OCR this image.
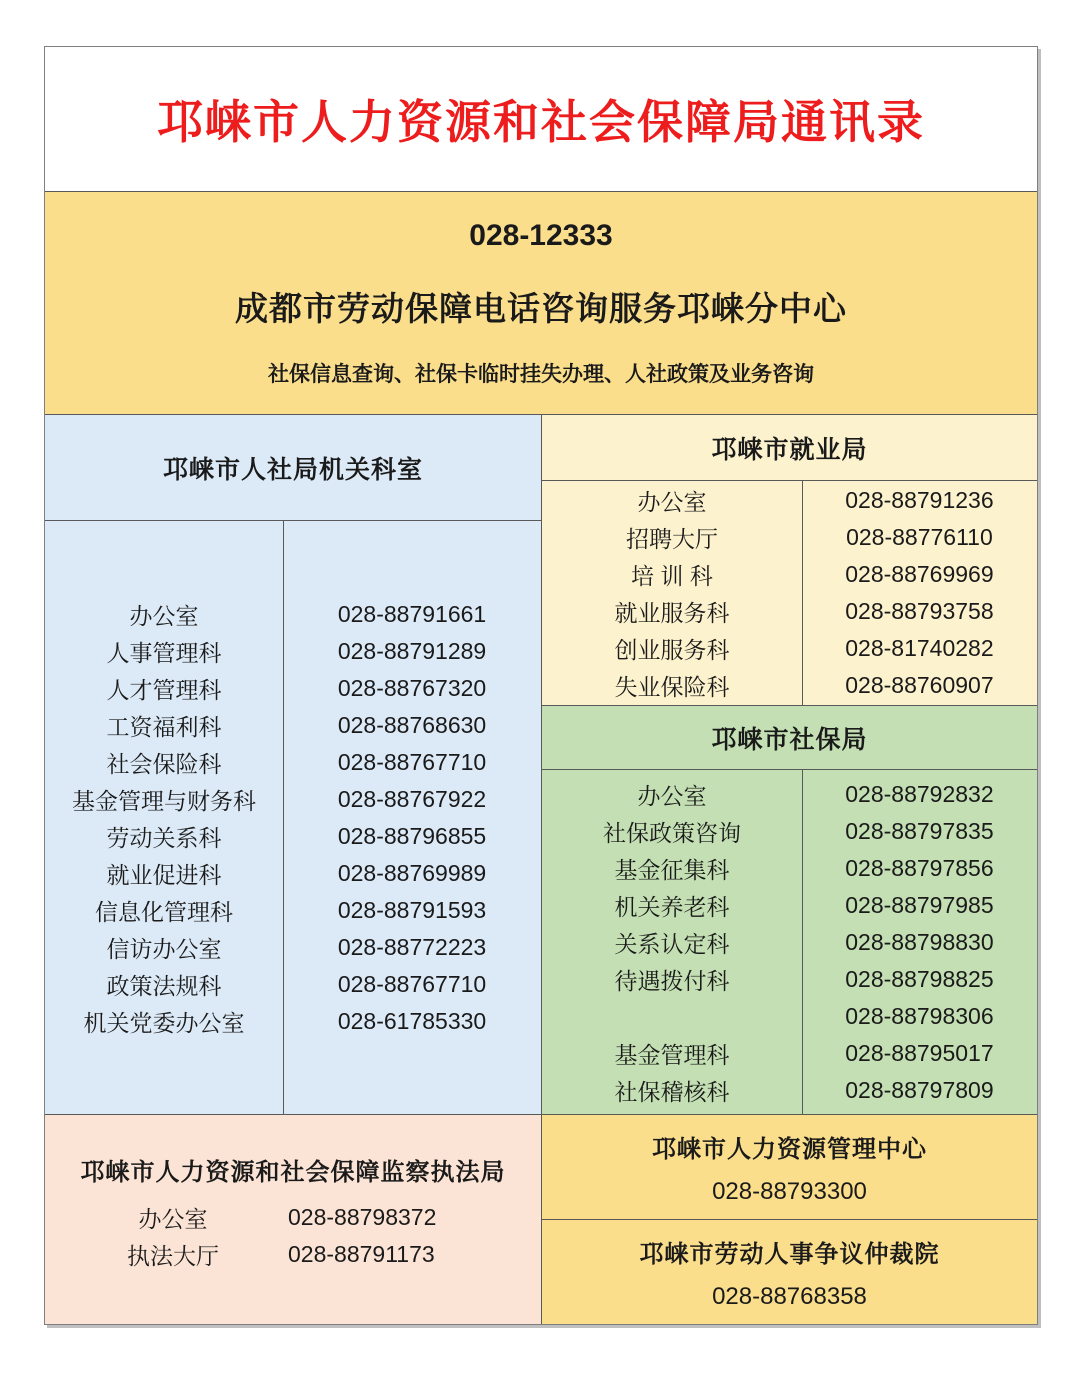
邛崃市人力资源和社会保障局通讯录
028-12333
成都市劳动保障电话咨询服务邛崃分中心
社保信息查询、社保卡临时挂失办理、人社政策及业务咨询
邛崃市人社局机关科室
办公室	028-88791661
人事管理科	028-88791289
人才管理科	028-88767320
工资福利科	028-88768630
社会保险科	028-88767710
基金管理与财务科	028-88767922
劳动关系科	028-88796855
就业促进科	028-88769989
信息化管理科	028-88791593
信访办公室	028-88772223
政策法规科	028-88767710
机关党委办公室	028-61785330
邛崃市就业局
办公室	028-88791236
招聘大厅	028-88776110
培 训 科	028-88769969
就业服务科	028-88793758
创业服务科	028-81740282
失业保险科	028-88760907
邛崃市社保局
办公室	028-88792832
社保政策咨询	028-88797835
基金征集科	028-88797856
机关养老科	028-88797985
关系认定科	028-88798830
待遇拨付科	028-88798825
028-88798306
基金管理科	028-88795017
社保稽核科	028-88797809
邛崃市人力资源和社会保障监察执法局
办公室	028-88798372
执法大厅	028-88791173
邛崃市人力资源管理中心
028-88793300
邛崃市劳动人事争议仲裁院
028-88768358
